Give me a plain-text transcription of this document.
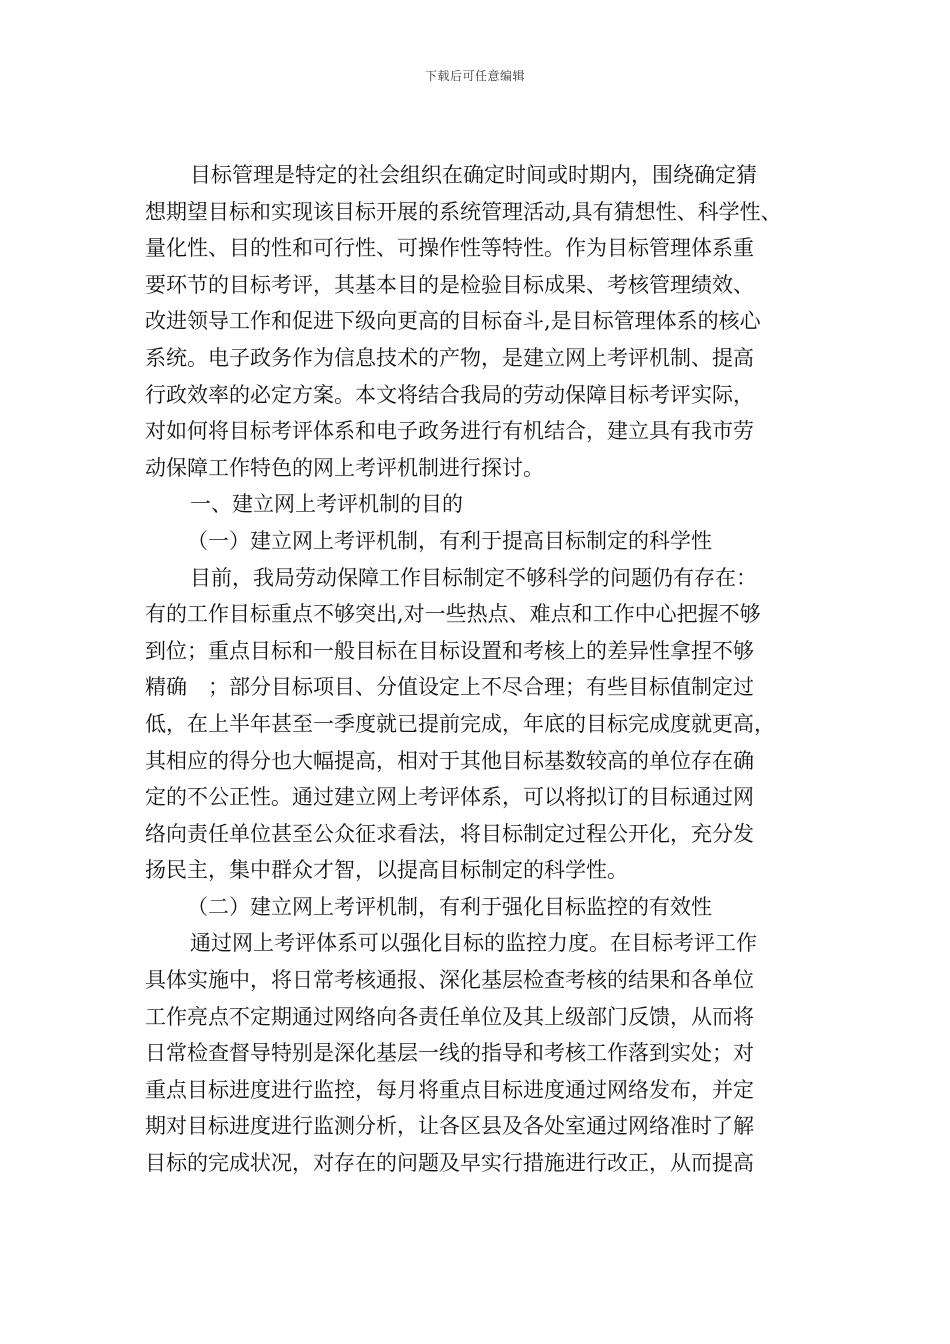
下载后可任意编辑
目标管理是特定的社会组织在确定时间或时期内，围绕确定猜
想期望目标和实现该目标开展的系统管理活动,具有猜想性、科学性、
量化性、目的性和可行性、可操作性等特性。作为目标管理体系重
要环节的目标考评，其基本目的是检验目标成果、考核管理绩效、
改进领导工作和促进下级向更高的目标奋斗,是目标管理体系的核心
系统。电子政务作为信息技术的产物，是建立网上考评机制、提高
行政效率的必定方案。本文将结合我局的劳动保障目标考评实际，
对如何将目标考评体系和电子政务进行有机结合，建立具有我市劳
动保障工作特色的网上考评机制进行探讨。
一、建立网上考评机制的目的
（一）建立网上考评机制，有利于提高目标制定的科学性
目前，我局劳动保障工作目标制定不够科学的问题仍有存在：
有的工作目标重点不够突出,对一些热点、难点和工作中心把握不够
到位；重点目标和一般目标在目标设置和考核上的差异性拿捏不够
精确　；部分目标项目、分值设定上不尽合理；有些目标值制定过
低，在上半年甚至一季度就已提前完成，年底的目标完成度就更高，
其相应的得分也大幅提高，相对于其他目标基数较高的单位存在确
定的不公正性。通过建立网上考评体系，可以将拟订的目标通过网
络向责任单位甚至公众征求看法，将目标制定过程公开化，充分发
扬民主，集中群众才智，以提高目标制定的科学性。
（二）建立网上考评机制，有利于强化目标监控的有效性
通过网上考评体系可以强化目标的监控力度。在目标考评工作
具体实施中，将日常考核通报、深化基层检查考核的结果和各单位
工作亮点不定期通过网络向各责任单位及其上级部门反馈，从而将
日常检查督导特别是深化基层一线的指导和考核工作落到实处；对
重点目标进度进行监控，每月将重点目标进度通过网络发布，并定
期对目标进度进行监测分析，让各区县及各处室通过网络准时了解
目标的完成状况，对存在的问题及早实行措施进行改正，从而提高
